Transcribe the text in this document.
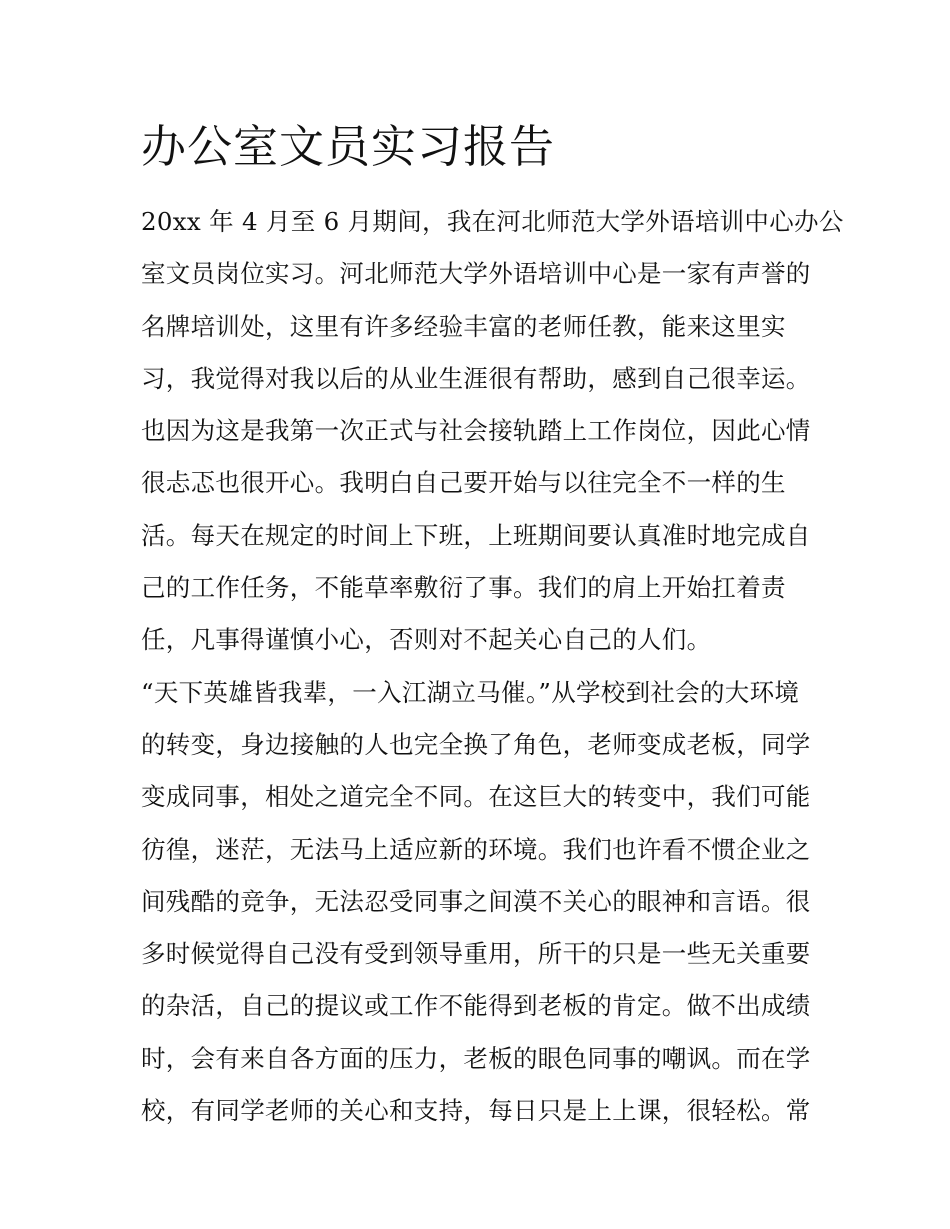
办公室文员实习报告
20xx 年 4 月至 6 月期间，我在河北师范大学外语培训中心办公
室文员岗位实习。河北师范大学外语培训中心是一家有声誉的
名牌培训处，这里有许多经验丰富的老师任教，能来这里实
习，我觉得对我以后的从业生涯很有帮助，感到自己很幸运。
也因为这是我第一次正式与社会接轨踏上工作岗位，因此心情
很忐忑也很开心。我明白自己要开始与以往完全不一样的生
活。每天在规定的时间上下班，上班期间要认真准时地完成自
己的工作任务，不能草率敷衍了事。我们的肩上开始扛着责
任，凡事得谨慎小心，否则对不起关心自己的人们。
“天下英雄皆我辈，一入江湖立马催。”从学校到社会的大环境
的转变，身边接触的人也完全换了角色，老师变成老板，同学
变成同事，相处之道完全不同。在这巨大的转变中，我们可能
彷徨，迷茫，无法马上适应新的环境。我们也许看不惯企业之
间残酷的竞争，无法忍受同事之间漠不关心的眼神和言语。很
多时候觉得自己没有受到领导重用，所干的只是一些无关重要
的杂活，自己的提议或工作不能得到老板的肯定。做不出成绩
时，会有来自各方面的压力，老板的眼色同事的嘲讽。而在学
校，有同学老师的关心和支持，每日只是上上课，很轻松。常
